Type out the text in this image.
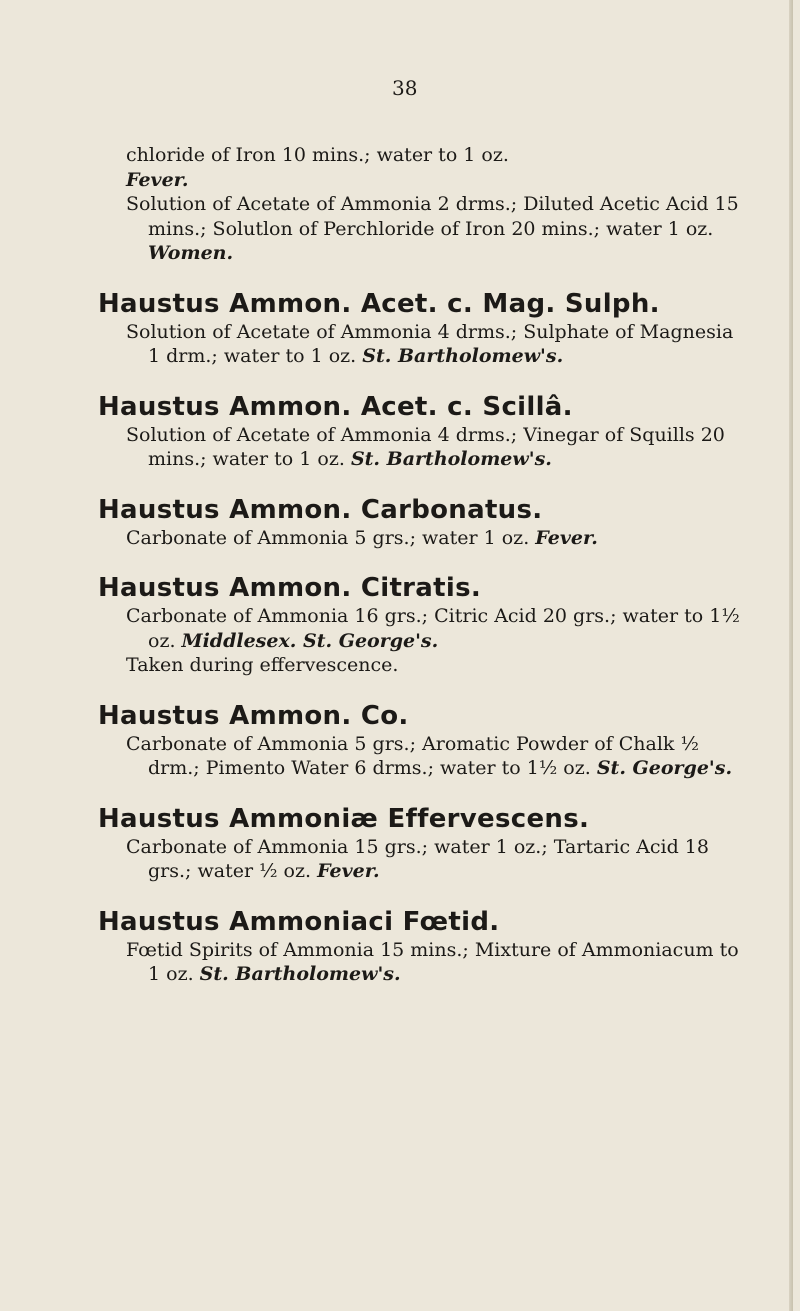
38
chloride of Iron 10 mins.; water to 1 oz.
Fever.
Solution of Acetate of Ammonia 2 drms.; Diluted Acetic Acid 15 mins.; Solutlon of Perchloride of Iron 20 mins.; water 1 oz. Women.
Haustus Ammon. Acet. c. Mag. Sulph.
Solution of Acetate of Ammonia 4 drms.; Sulphate of Magnesia 1 drm.; water to 1 oz. St. Bartholomew's.
Haustus Ammon. Acet. c. Scillâ.
Solution of Acetate of Ammonia 4 drms.; Vinegar of Squills 20 mins.; water to 1 oz. St. Bartholomew's.
Haustus Ammon. Carbonatus.
Carbonate of Ammonia 5 grs.; water 1 oz. Fever.
Haustus Ammon. Citratis.
Carbonate of Ammonia 16 grs.; Citric Acid 20 grs.; water to 1½ oz. Middlesex. St. George's.
Taken during effervescence.
Haustus Ammon. Co.
Carbonate of Ammonia 5 grs.; Aromatic Powder of Chalk ½ drm.; Pimento Water 6 drms.; water to 1½ oz. St. George's.
Haustus Ammoniæ Effervescens.
Carbonate of Ammonia 15 grs.; water 1 oz.; Tartaric Acid 18 grs.; water ½ oz. Fever.
Haustus Ammoniaci Fœtid.
Fœtid Spirits of Ammonia 15 mins.; Mixture of Ammoniacum to 1 oz. St. Bartholomew's.
